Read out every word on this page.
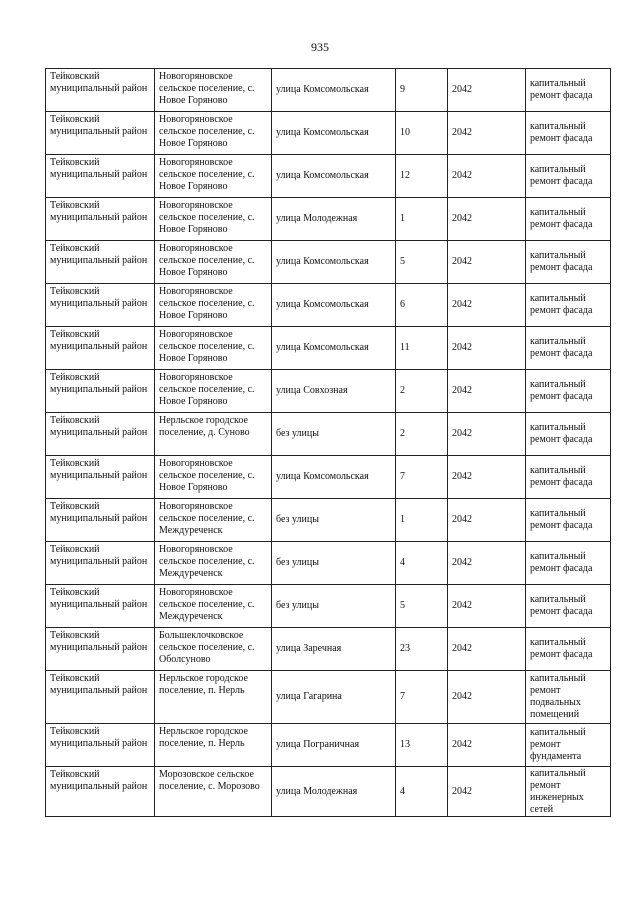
935
Тейковский муниципальный район	Новогоряновское сельское поселение, с. Новое Горяново	улица Комсомольская	9	2042	капитальный ремонт фасада
Тейковский муниципальный район	Новогоряновское сельское поселение, с. Новое Горяново	улица Комсомольская	10	2042	капитальный ремонт фасада
Тейковский муниципальный район	Новогоряновское сельское поселение, с. Новое Горяново	улица Комсомольская	12	2042	капитальный ремонт фасада
Тейковский муниципальный район	Новогоряновское сельское поселение, с. Новое Горяново	улица Молодежная	1	2042	капитальный ремонт фасада
Тейковский муниципальный район	Новогоряновское сельское поселение, с. Новое Горяново	улица Комсомольская	5	2042	капитальный ремонт фасада
Тейковский муниципальный район	Новогоряновское сельское поселение, с. Новое Горяново	улица Комсомольская	6	2042	капитальный ремонт фасада
Тейковский муниципальный район	Новогоряновское сельское поселение, с. Новое Горяново	улица Комсомольская	11	2042	капитальный ремонт фасада
Тейковский муниципальный район	Новогоряновское сельское поселение, с. Новое Горяново	улица Совхозная	2	2042	капитальный ремонт фасада
Тейковский муниципальный район	Нерльское городское поселение, д. Суново	без улицы	2	2042	капитальный ремонт фасада
Тейковский муниципальный район	Новогоряновское сельское поселение, с. Новое Горяново	улица Комсомольская	7	2042	капитальный ремонт фасада
Тейковский муниципальный район	Новогоряновское сельское поселение, с. Междуреченск	без улицы	1	2042	капитальный ремонт фасада
Тейковский муниципальный район	Новогоряновское сельское поселение, с. Междуреченск	без улицы	4	2042	капитальный ремонт фасада
Тейковский муниципальный район	Новогоряновское сельское поселение, с. Междуреченск	без улицы	5	2042	капитальный ремонт фасада
Тейковский муниципальный район	Большеклочковское сельское поселение, с. Оболсуново	улица Заречная	23	2042	капитальный ремонт фасада
Тейковский муниципальный район	Нерльское городское поселение, п. Нерль	улица Гагарина	7	2042	капитальный ремонт подвальных помещений
Тейковский муниципальный район	Нерльское городское поселение, п. Нерль	улица Пограничная	13	2042	капитальный ремонт фундамента
Тейковский муниципальный район	Морозовское сельское поселение, с. Морозово	улица Молодежная	4	2042	капитальный ремонт инженерных сетей
